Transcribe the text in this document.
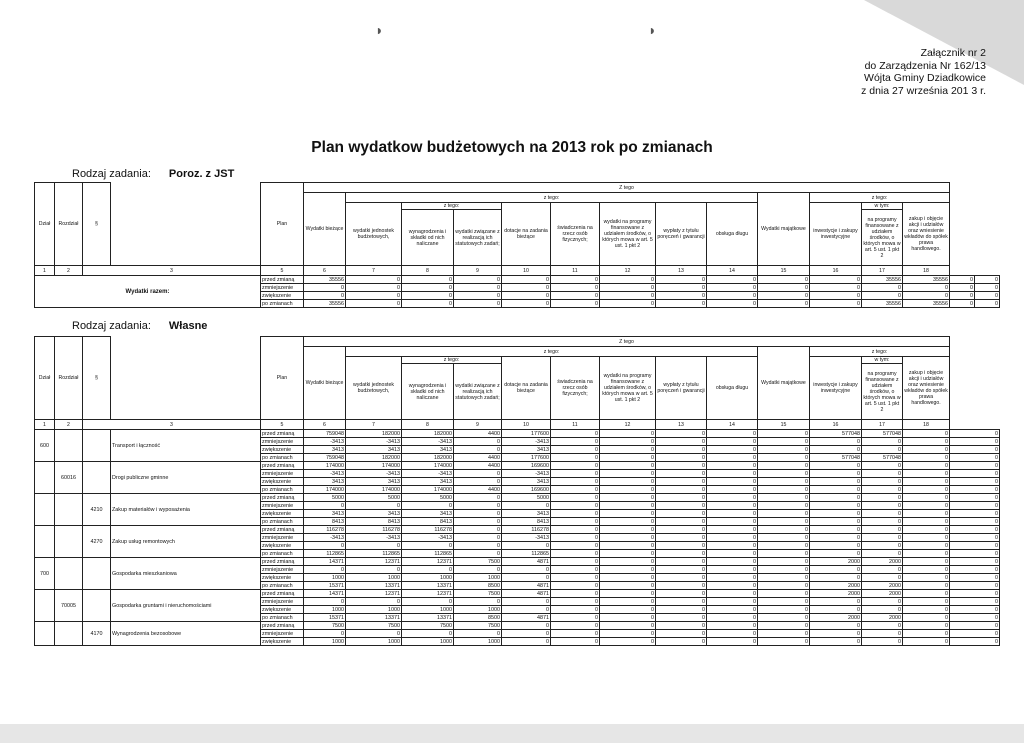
◗	◗
Załącznik nr 2
do Zarządzenia Nr 162/13
Wójta Gminy Dziadkowice
z dnia 27 września 201 3 r.
Plan wydatkow budżetowych na 2013 rok po zmianach
Rodzaj zadania: Poroz. z JST
Dział	Rozdział	§		Plan	Z tego														
					Wydatki bieżące	z tego:								Wydatki majątkowe	z tego:				
						wydatki jednostek budżetowych,	z tego:		dotacje na zadania bieżące	świadczenia na rzecz osób fizycznych;	wydatki na programy finansowane z udziałem środków, o których mowa w art. 5 ust. 1 pkt 2	wypłaty z tytułu poręczeń i gwarancji	obsługa długu		inwestycje i zakupy inwestycyjne	w tym:	zakup i objęcie akcji i udziałów oraz wniesienie wkładów do spółek prawa handlowego.		
							wynagrodzenia i składki od nich naliczane	wydatki związane z realizacją ich statutowych zadań;								na programy finansowane z udziałem środków, o których mowa w art. 5 ust. 1 pkt 2			
1	2	3		5	6	7	8	9	10	11	12	13	14	15	16	17	18		
Wydatki razem:				przed zmianą	35556	0	0	0	0	0	0	0	0	0	0	35556	35556	0	0
				zmniejszenie	0	0	0	0	0	0	0	0	0	0	0	0	0	0	0
				zwiększenie	0	0	0	0	0	0	0	0	0	0	0	0	0	0	0
				po zmianach	35556	0	0	0	0	0	0	0	0	0	0	35556	35556	0	0
Rodzaj zadania: Własne
Dział	Rozdział	§		Plan	Z tego													
					Wydatki bieżące	z tego:								Wydatki majątkowe	z tego:			
						wydatki jednostek budżetowych,	z tego:		dotacje na zadania bieżące	świadczenia na rzecz osób fizycznych;	wydatki na programy finansowane z udziałem środków, o których mowa w art. 5 ust. 1 pkt 2	wypłaty z tytułu poręczeń i gwarancji	obsługa długu		inwestycje i zakupy inwestycyjne	w tym:	zakup i objęcie akcji i udziałów oraz wniesienie wkładów do spółek prawa handlowego.	
							wynagrodzenia i składki od nich naliczane	wydatki związane z realizacją ich statutowych zadań;								na programy finansowane z udziałem środków, o których mowa w art. 5 ust. 1 pkt 2		
1	2	3		5	6	7	8	9	10	11	12	13	14	15	16	17	18	
600			Transport i łączność	przed zmianą	759048	182000	182000	4400	177600	0	0	0	0	0	577048	577048	0	0
				zmniejszenie	-3413	-3413	-3413	0	-3413	0	0	0	0	0	0	0	0	0
				zwiększenie	3413	3413	3413	0	3413	0	0	0	0	0	0	0	0	0
				po zmianach	759048	182000	182000	4400	177600	0	0	0	0	0	577048	577048	0	0
	60016		Drogi publiczne gminne	przed zmianą	174000	174000	174000	4400	169600	0	0	0	0	0	0	0	0	0
				zmniejszenie	-3413	-3413	-3413	0	-3413	0	0	0	0	0	0	0	0	0
				zwiększenie	3413	3413	3413	0	3413	0	0	0	0	0	0	0	0	0
				po zmianach	174000	174000	174000	4400	169600	0	0	0	0	0	0	0	0	0
		4210	Zakup materiałów i wyposażenia	przed zmianą	5000	5000	5000	0	5000	0	0	0	0	0	0	0	0	0
				zmniejszenie	0	0	0	0	0	0	0	0	0	0	0	0	0	0
				zwiększenie	3413	3413	3413	0	3413	0	0	0	0	0	0	0	0	0
				po zmianach	8413	8413	8413	0	8413	0	0	0	0	0	0	0	0	0
		4270	Zakup usług remontowych	przed zmianą	116278	116278	116278	0	116278	0	0	0	0	0	0	0	0	0
				zmniejszenie	-3413	-3413	-3413	0	-3413	0	0	0	0	0	0	0	0	0
				zwiększenie	0	0	0	0	0	0	0	0	0	0	0	0	0	0
				po zmianach	112865	112865	112865	0	112865	0	0	0	0	0	0	0	0	0
700			Gospodarka mieszkaniowa	przed zmianą	14371	12371	12371	7500	4871	0	0	0	0	0	2000	2000	0	0
				zmniejszenie	0	0	0	0	0	0	0	0	0	0	0	0	0	0
				zwiększenie	1000	1000	1000	1000	0	0	0	0	0	0	0	0	0	0
				po zmianach	15371	13371	13371	8500	4871	0	0	0	0	0	2000	2000	0	0
	70005		Gospodarka gruntami i nieruchomościami	przed zmianą	14371	12371	12371	7500	4871	0	0	0	0	0	2000	2000	0	0
				zmniejszenie	0	0	0	0	0	0	0	0	0	0	0	0	0	0
				zwiększenie	1000	1000	1000	1000	0	0	0	0	0	0	0	0	0	0
				po zmianach	15371	13371	13371	8500	4871	0	0	0	0	0	2000	2000	0	0
		4170	Wynagrodzenia bezosobowe	przed zmianą	7500	7500	7500	7500	0	0	0	0	0	0	0	0	0	0
				zmniejszenie	0	0	0	0	0	0	0	0	0	0	0	0	0	0
				zwiększenie	1000	1000	1000	1000	0	0	0	0	0	0	0	0	0	0
